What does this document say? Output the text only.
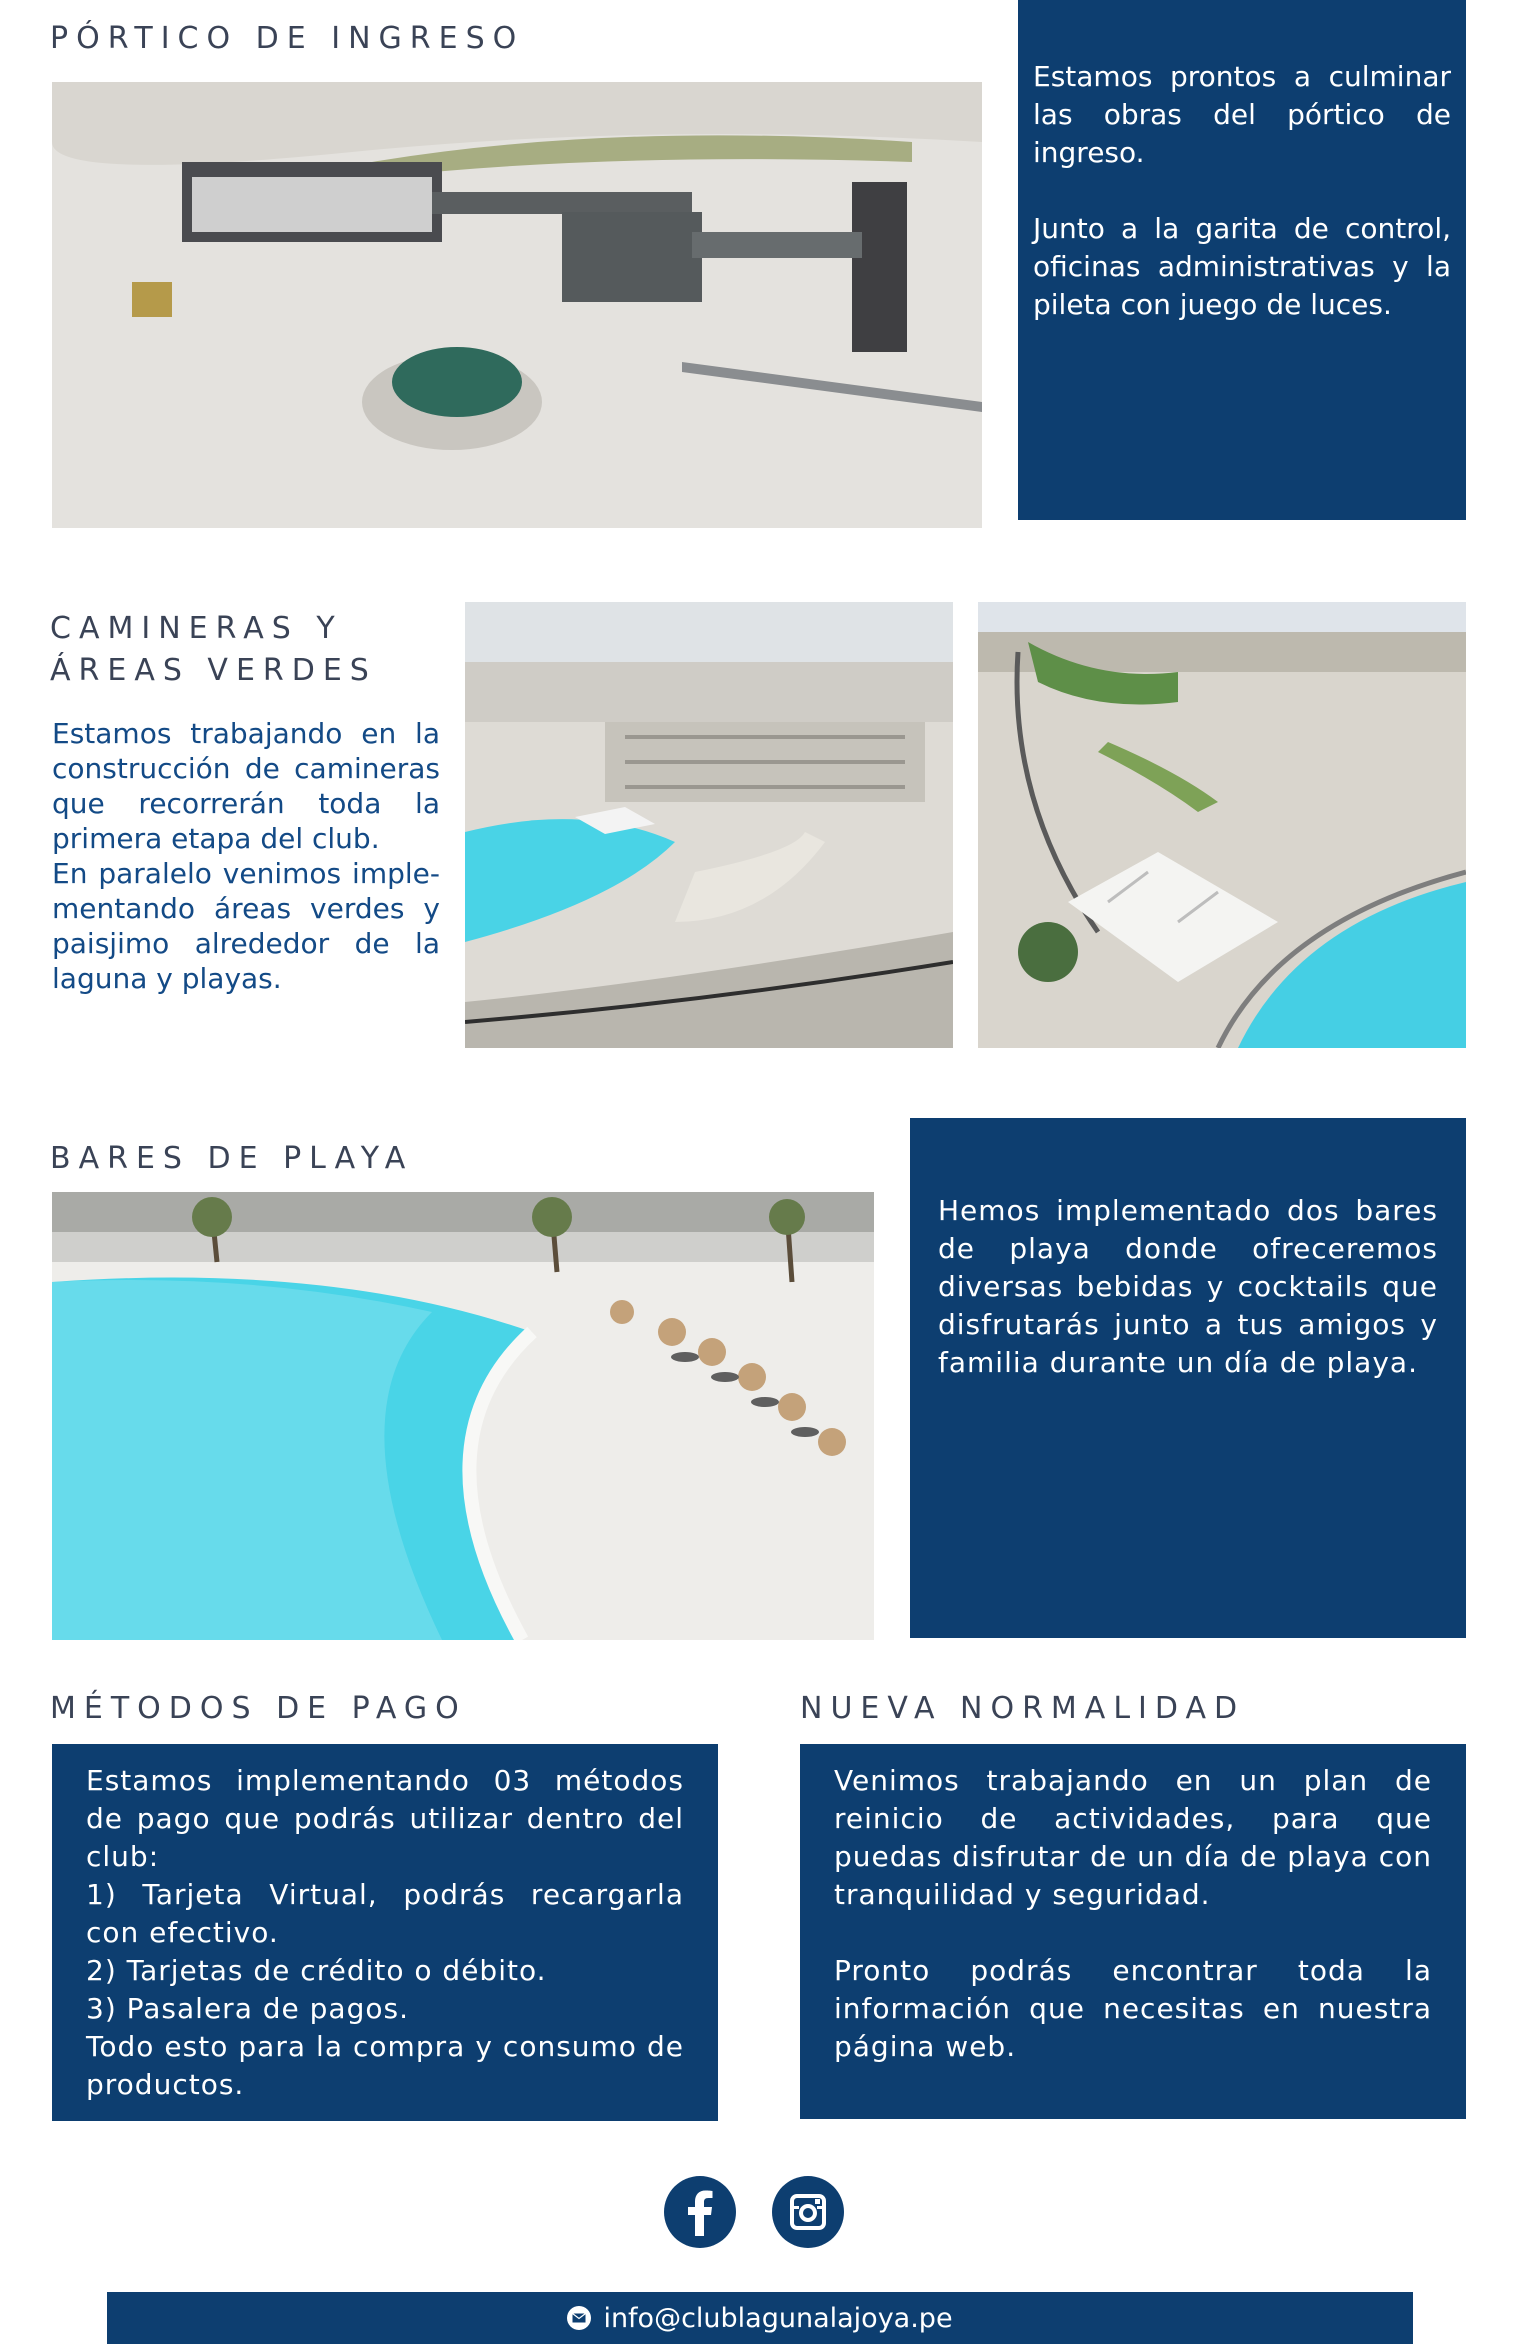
PÓRTICO DE INGRESO

Estamos prontos a culminar las obras del pórtico de ingreso.

Junto a la garita de control, oficinas administrativas y la pileta con juego de luces.

CAMINERAS Y
ÁREAS VERDES

Estamos trabajando en la construcción de camineras que recorrerán toda la primera etapa del club.
En paralelo venimos imple-mentando áreas verdes y paisjimo alrededor de la laguna y playas.

BARES DE PLAYA

Hemos implementado dos bares de playa donde ofreceremos diversas bebidas y cocktails que disfrutarás junto a tus amigos y familia durante un día de playa.

MÉTODOS DE PAGO

Estamos implementando 03 métodos de pago que podrás utilizar dentro del club:
1) Tarjeta Virtual, podrás recargarla con efectivo.
2) Tarjetas de crédito o débito.
3) Pasalera de pagos.
Todo esto para la compra y consumo de productos.

NUEVA NORMALIDAD

Venimos trabajando en un plan de reinicio de actividades, para que puedas disfrutar de un día de playa con tranquilidad y seguridad.

Pronto podrás encontrar toda la información que necesitas en nuestra página web.

info@clublagunalajoya.pe
